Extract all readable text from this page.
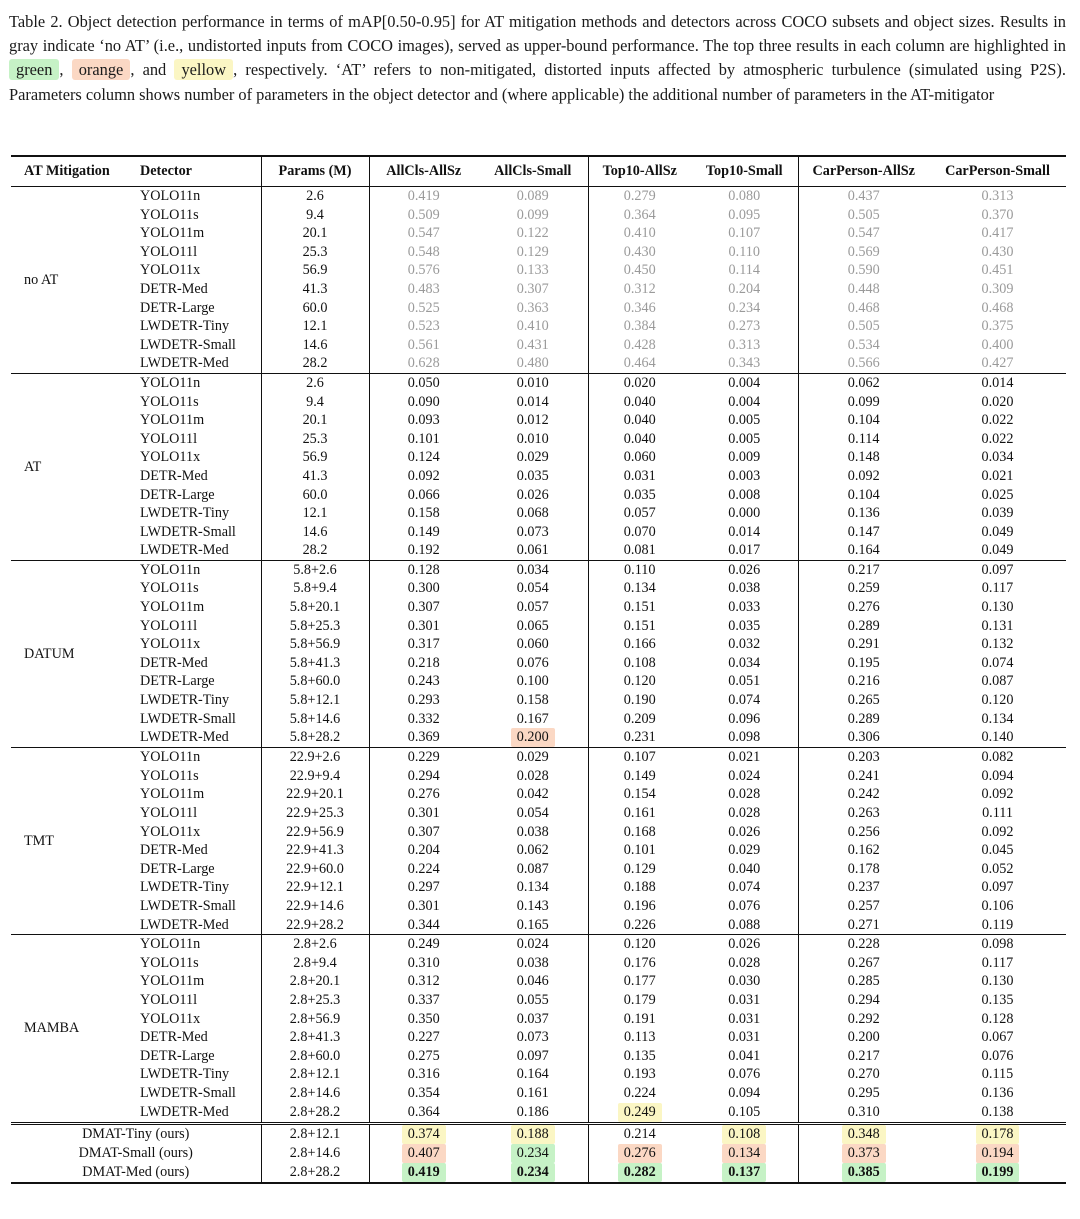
Table 2. Object detection performance in terms of mAP[0.50-0.95] for AT mitigation methods and detectors across COCO subsets and object sizes. Results in gray indicate ‘no AT’ (i.e., undistorted inputs from COCO images), served as upper-bound performance. The top three results in each column are highlighted in green , orange , and yellow , respectively. ‘AT’ refers to non-mitigated, distorted inputs affected by atmospheric turbulence (simulated using P2S). Parameters column shows number of parameters in the object detector and (where applicable) the additional number of parameters in the AT-mitigator
AT Mitigation	Detector	Params (M)	AllCls-AllSz	AllCls-Small	Top10-AllSz	Top10-Small	CarPerson-AllSz	CarPerson-Small
no AT	YOLO11n	2.6	0.419	0.089	0.279	0.080	0.437	0.313
	YOLO11s	9.4	0.509	0.099	0.364	0.095	0.505	0.370
	YOLO11m	20.1	0.547	0.122	0.410	0.107	0.547	0.417
	YOLO11l	25.3	0.548	0.129	0.430	0.110	0.569	0.430
	YOLO11x	56.9	0.576	0.133	0.450	0.114	0.590	0.451
	DETR-Med	41.3	0.483	0.307	0.312	0.204	0.448	0.309
	DETR-Large	60.0	0.525	0.363	0.346	0.234	0.468	0.468
	LWDETR-Tiny	12.1	0.523	0.410	0.384	0.273	0.505	0.375
	LWDETR-Small	14.6	0.561	0.431	0.428	0.313	0.534	0.400
	LWDETR-Med	28.2	0.628	0.480	0.464	0.343	0.566	0.427
AT	YOLO11n	2.6	0.050	0.010	0.020	0.004	0.062	0.014
	YOLO11s	9.4	0.090	0.014	0.040	0.004	0.099	0.020
	YOLO11m	20.1	0.093	0.012	0.040	0.005	0.104	0.022
	YOLO11l	25.3	0.101	0.010	0.040	0.005	0.114	0.022
	YOLO11x	56.9	0.124	0.029	0.060	0.009	0.148	0.034
	DETR-Med	41.3	0.092	0.035	0.031	0.003	0.092	0.021
	DETR-Large	60.0	0.066	0.026	0.035	0.008	0.104	0.025
	LWDETR-Tiny	12.1	0.158	0.068	0.057	0.000	0.136	0.039
	LWDETR-Small	14.6	0.149	0.073	0.070	0.014	0.147	0.049
	LWDETR-Med	28.2	0.192	0.061	0.081	0.017	0.164	0.049
DATUM	YOLO11n	5.8+2.6	0.128	0.034	0.110	0.026	0.217	0.097
	YOLO11s	5.8+9.4	0.300	0.054	0.134	0.038	0.259	0.117
	YOLO11m	5.8+20.1	0.307	0.057	0.151	0.033	0.276	0.130
	YOLO11l	5.8+25.3	0.301	0.065	0.151	0.035	0.289	0.131
	YOLO11x	5.8+56.9	0.317	0.060	0.166	0.032	0.291	0.132
	DETR-Med	5.8+41.3	0.218	0.076	0.108	0.034	0.195	0.074
	DETR-Large	5.8+60.0	0.243	0.100	0.120	0.051	0.216	0.087
	LWDETR-Tiny	5.8+12.1	0.293	0.158	0.190	0.074	0.265	0.120
	LWDETR-Small	5.8+14.6	0.332	0.167	0.209	0.096	0.289	0.134
	LWDETR-Med	5.8+28.2	0.369	0.200	0.231	0.098	0.306	0.140
TMT	YOLO11n	22.9+2.6	0.229	0.029	0.107	0.021	0.203	0.082
	YOLO11s	22.9+9.4	0.294	0.028	0.149	0.024	0.241	0.094
	YOLO11m	22.9+20.1	0.276	0.042	0.154	0.028	0.242	0.092
	YOLO11l	22.9+25.3	0.301	0.054	0.161	0.028	0.263	0.111
	YOLO11x	22.9+56.9	0.307	0.038	0.168	0.026	0.256	0.092
	DETR-Med	22.9+41.3	0.204	0.062	0.101	0.029	0.162	0.045
	DETR-Large	22.9+60.0	0.224	0.087	0.129	0.040	0.178	0.052
	LWDETR-Tiny	22.9+12.1	0.297	0.134	0.188	0.074	0.237	0.097
	LWDETR-Small	22.9+14.6	0.301	0.143	0.196	0.076	0.257	0.106
	LWDETR-Med	22.9+28.2	0.344	0.165	0.226	0.088	0.271	0.119
MAMBA	YOLO11n	2.8+2.6	0.249	0.024	0.120	0.026	0.228	0.098
	YOLO11s	2.8+9.4	0.310	0.038	0.176	0.028	0.267	0.117
	YOLO11m	2.8+20.1	0.312	0.046	0.177	0.030	0.285	0.130
	YOLO11l	2.8+25.3	0.337	0.055	0.179	0.031	0.294	0.135
	YOLO11x	2.8+56.9	0.350	0.037	0.191	0.031	0.292	0.128
	DETR-Med	2.8+41.3	0.227	0.073	0.113	0.031	0.200	0.067
	DETR-Large	2.8+60.0	0.275	0.097	0.135	0.041	0.217	0.076
	LWDETR-Tiny	2.8+12.1	0.316	0.164	0.193	0.076	0.270	0.115
	LWDETR-Small	2.8+14.6	0.354	0.161	0.224	0.094	0.295	0.136
	LWDETR-Med	2.8+28.2	0.364	0.186	0.249	0.105	0.310	0.138
DMAT-Tiny (ours)		2.8+12.1	0.374	0.188	0.214	0.108	0.348	0.178
DMAT-Small (ours)		2.8+14.6	0.407	0.234	0.276	0.134	0.373	0.194
DMAT-Med (ours)		2.8+28.2	0.419	0.234	0.282	0.137	0.385	0.199
